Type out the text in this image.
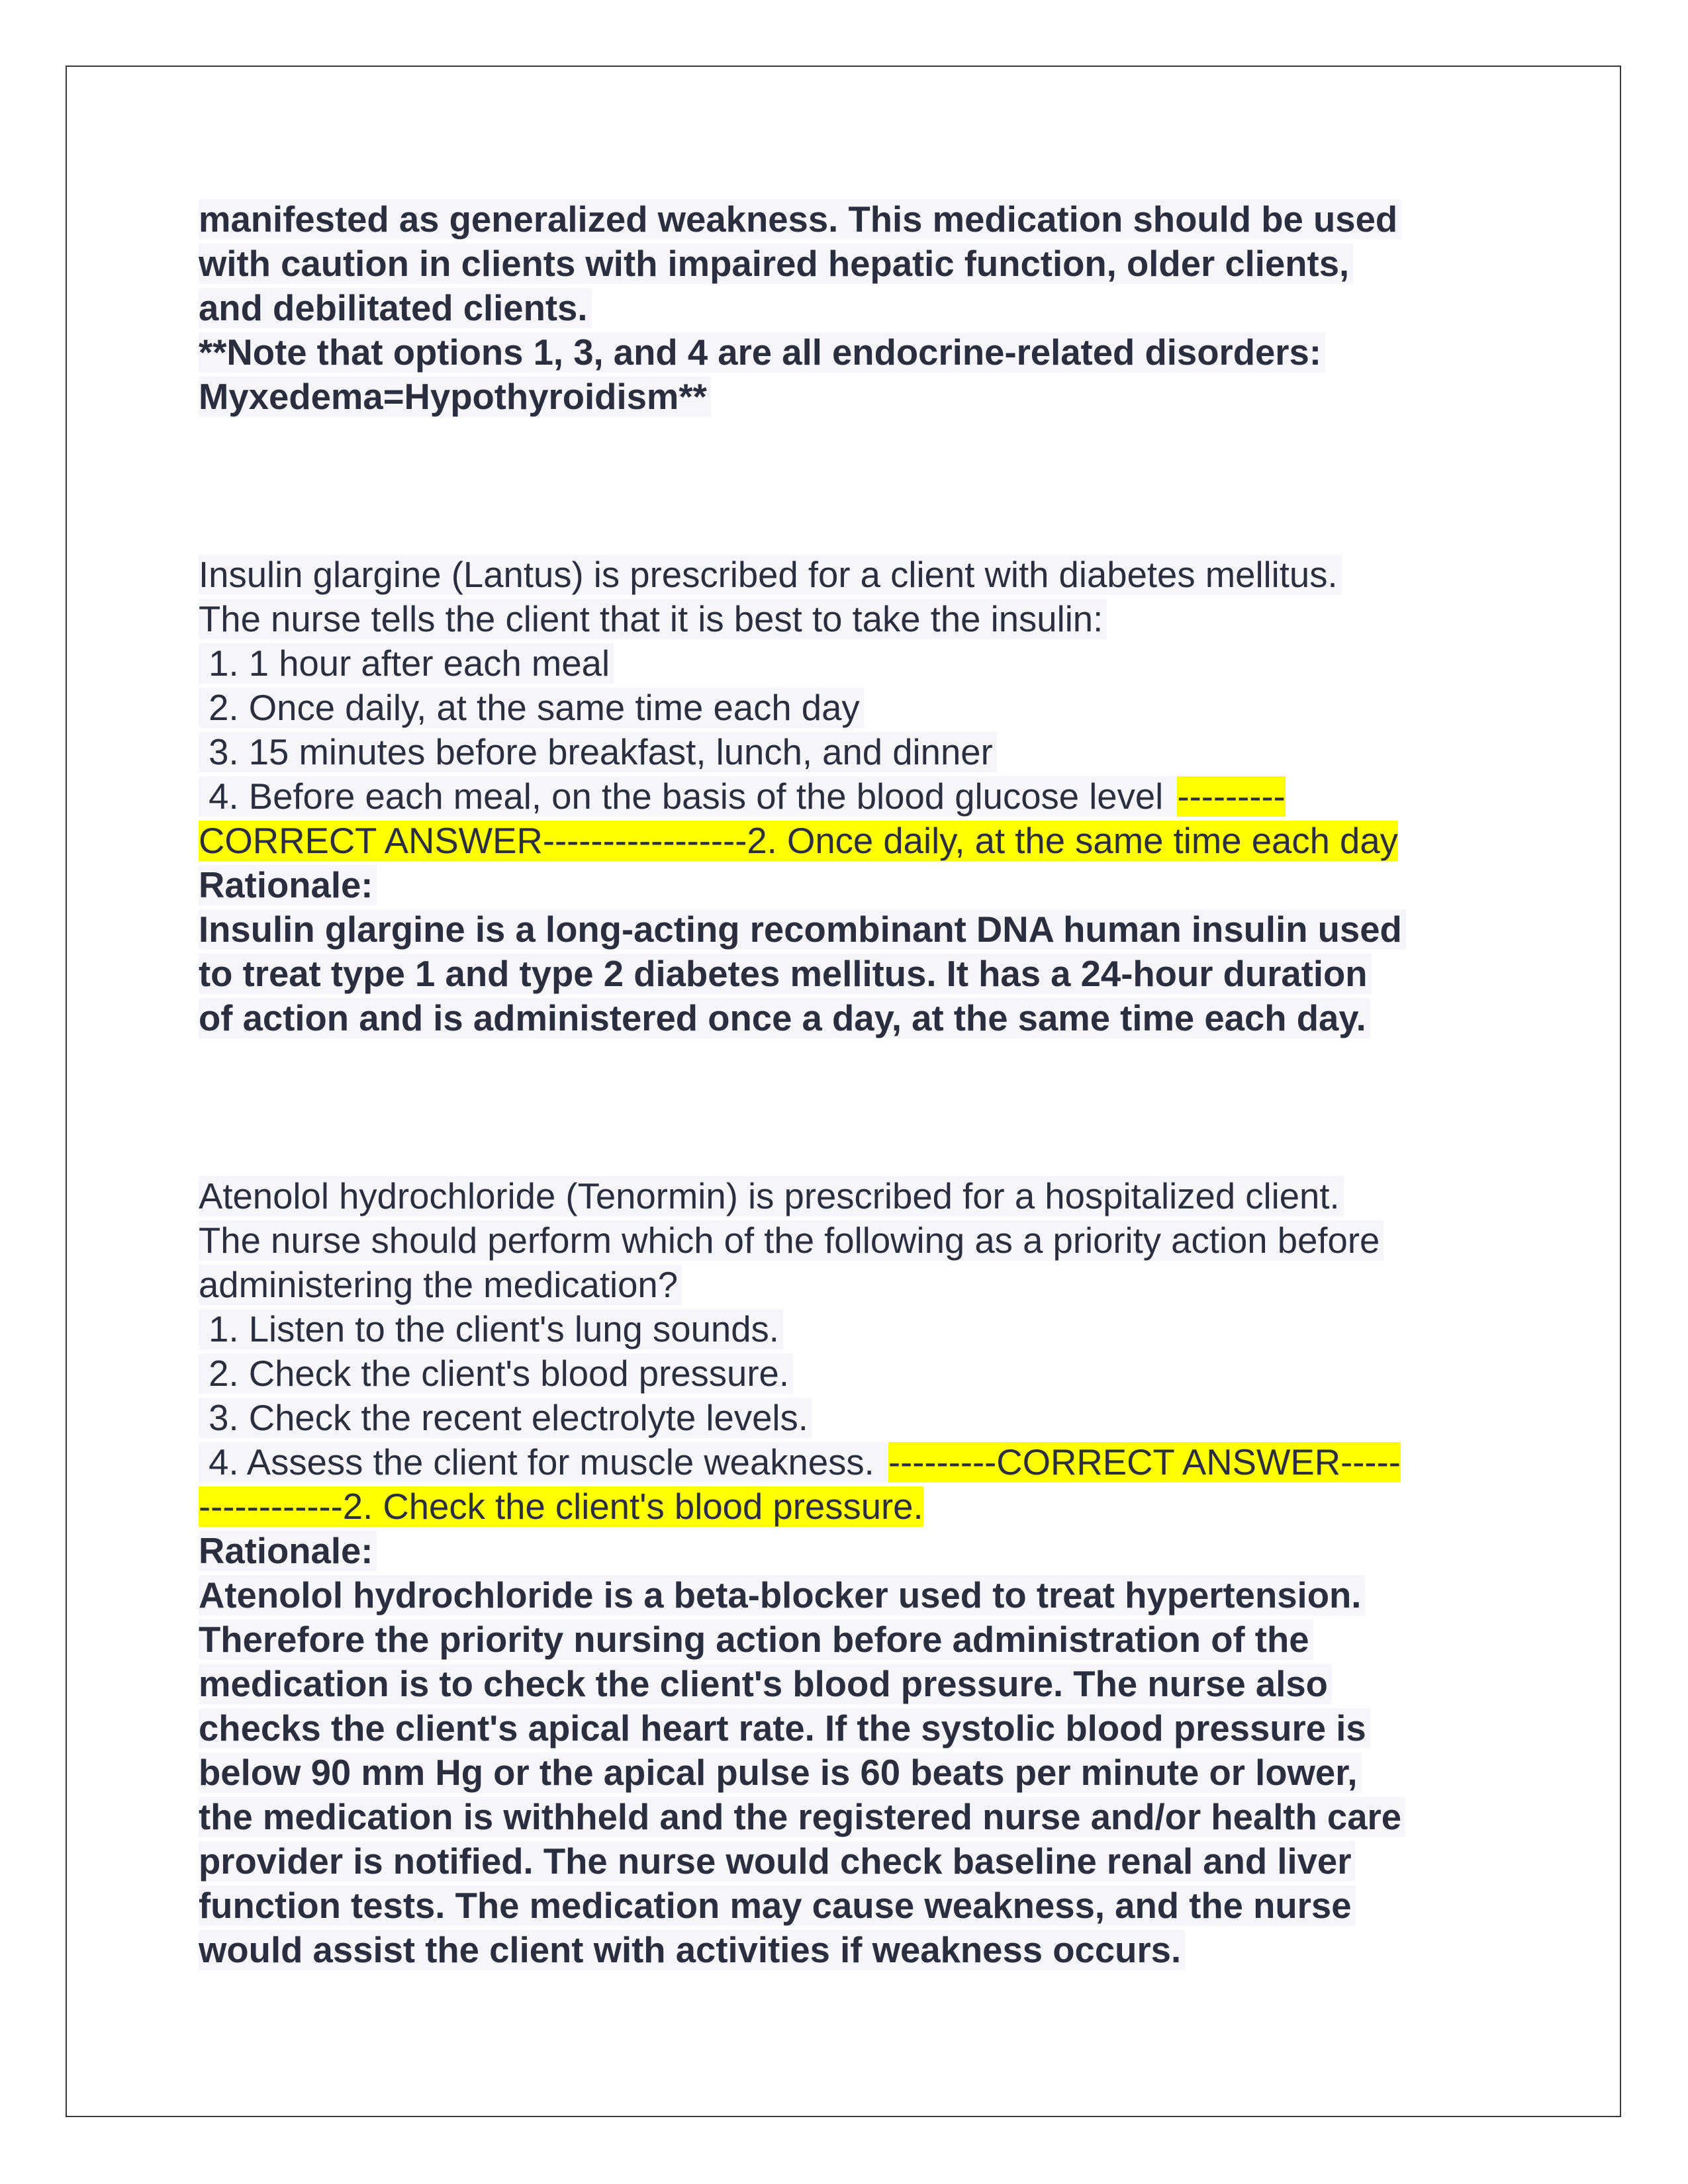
manifested as generalized weakness. This medication should be used
with caution in clients with impaired hepatic function, older clients,
and debilitated clients.
**Note that options 1, 3, and 4 are all endocrine-related disorders:
Myxedema=Hypothyroidism**
Insulin glargine (Lantus) is prescribed for a client with diabetes mellitus.
The nurse tells the client that it is best to take the insulin:
1. 1 hour after each meal
2. Once daily, at the same time each day
3. 15 minutes before breakfast, lunch, and dinner
4. Before each meal, on the basis of the blood glucose level ---------
CORRECT ANSWER-----------------2. Once daily, at the same time each day
Rationale:
Insulin glargine is a long-acting recombinant DNA human insulin used
to treat type 1 and type 2 diabetes mellitus. It has a 24-hour duration
of action and is administered once a day, at the same time each day.
Atenolol hydrochloride (Tenormin) is prescribed for a hospitalized client.
The nurse should perform which of the following as a priority action before
administering the medication?
1. Listen to the client's lung sounds.
2. Check the client's blood pressure.
3. Check the recent electrolyte levels.
4. Assess the client for muscle weakness. ---------CORRECT ANSWER-----
------------2. Check the client's blood pressure.
Rationale:
Atenolol hydrochloride is a beta-blocker used to treat hypertension.
Therefore the priority nursing action before administration of the
medication is to check the client's blood pressure. The nurse also
checks the client's apical heart rate. If the systolic blood pressure is
below 90 mm Hg or the apical pulse is 60 beats per minute or lower,
the medication is withheld and the registered nurse and/or health care
provider is notified. The nurse would check baseline renal and liver
function tests. The medication may cause weakness, and the nurse
would assist the client with activities if weakness occurs.
